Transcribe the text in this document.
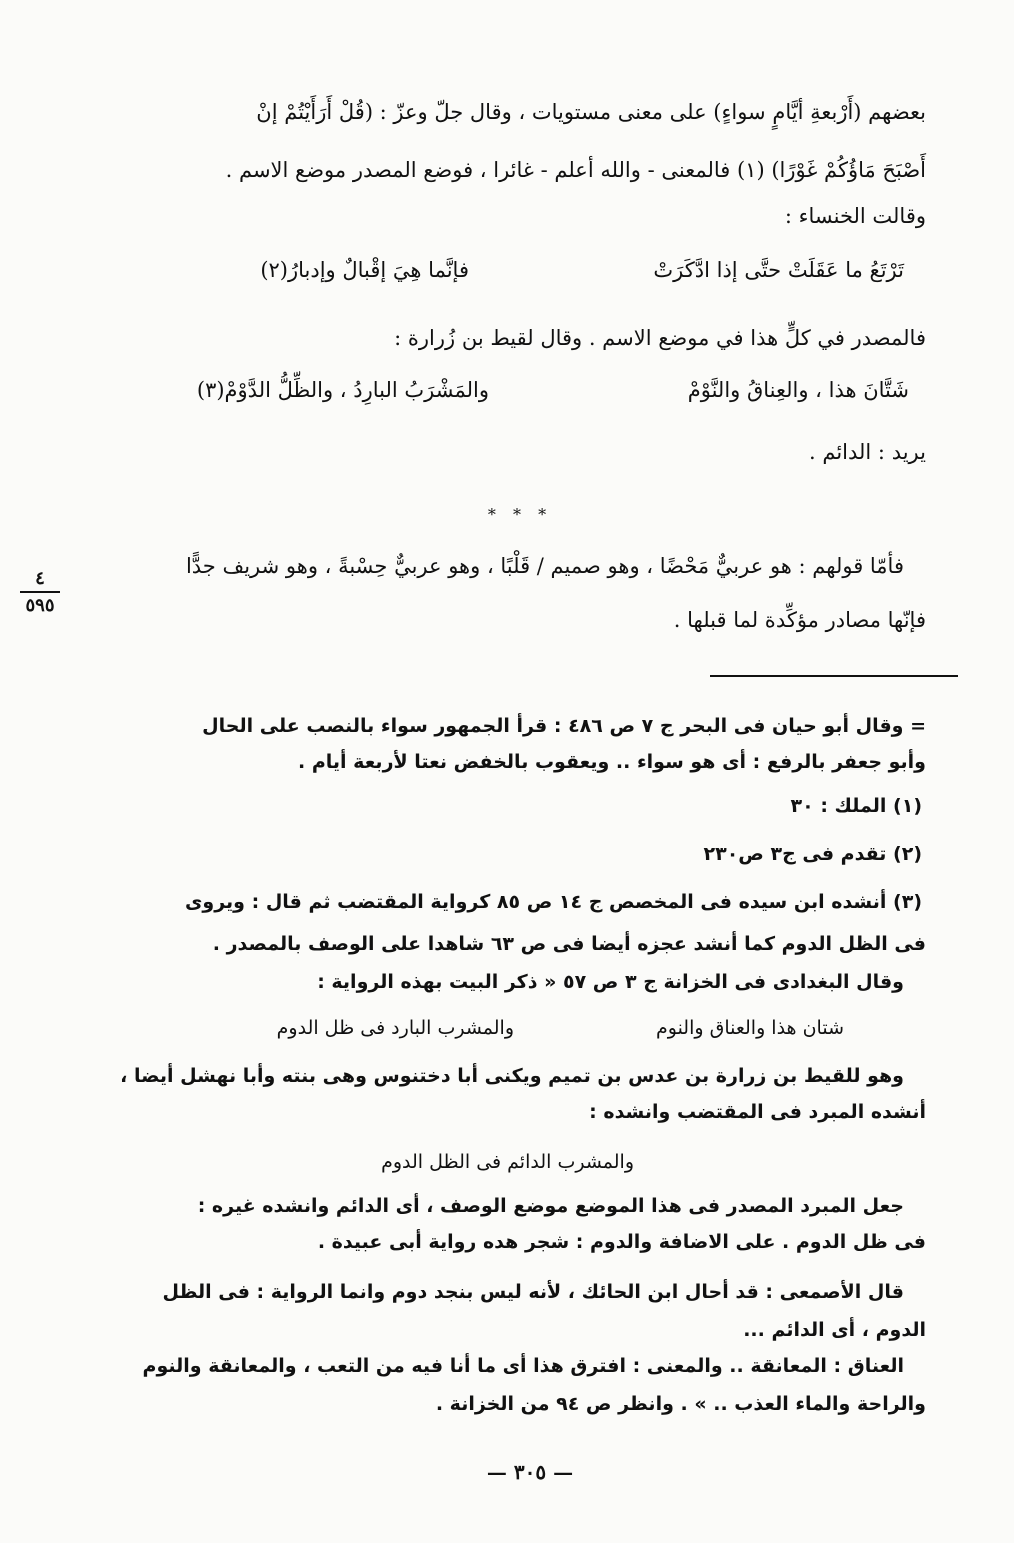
بعضهم (أَرْبعةِ أيَّامٍ سواءٍ) على معنى مستويات ، وقال جلّ وعزّ : (قُلْ أَرَأَيْتُمْ إنْ
أَصْبَحَ مَاؤُكُمْ غَوْرًا) (١) فالمعنى - والله أعلم - غائرا ، فوضع المصدر موضع الاسم .
وقالت الخنساء :
تَرْتَعُ ما عَقَلَتْ حتَّى إذا ادَّكَرَتْ
فإنَّما هِيَ إقْبالٌ وإدبارُ(٢)
فالمصدر في كلٍّ هذا في موضع الاسم . وقال لقيط بن زُرارة :
شَتَّانَ هذا ، والعِناقُ والنَّوْمْ
والمَشْرَبُ البارِدُ ، والظِّلُّ الدَّوْمْ(٣)
يريد : الدائم .
* * *
فأمّا قولهم : هو عربيٌّ مَحْضًا ، وهو صميم / قَلْبًا ، وهو عربيٌّ حِسْبةً ، وهو شريف جدًّا
فإنّها مصادر مؤكِّدة لما قبلها .
٤
٥٩٥
= وقال أبو حيان فى البحر ج ٧ ص ٤٨٦ : قرأ الجمهور سواء بالنصب على الحال
وأبو جعفر بالرفع : أى هو سواء .. ويعقوب بالخفض نعتا لأربعة أيام .
(١) الملك : ٣٠
(٢) تقدم فى ج٣ ص٢٣٠
(٣) أنشده ابن سيده فى المخصص ج ١٤ ص ٨٥ كرواية المقتضب ثم قال : ويروى
فى الظل الدوم كما أنشد عجزه أيضا فى ص ٦٣ شاهدا على الوصف بالمصدر .
وقال البغدادى فى الخزانة ج ٣ ص ٥٧ « ذكر البيت بهذه الرواية :
شتان هذا والعناق والنوم
والمشرب البارد فى ظل الدوم
وهو للقيط بن زرارة بن عدس بن تميم ويكنى أبا دختنوس وهى بنته وأبا نهشل أيضا ،
أنشده المبرد فى المقتضب وانشده :
والمشرب الدائم فى الظل الدوم
جعل المبرد المصدر فى هذا الموضع موضع الوصف ، أى الدائم وانشده غيره :
فى ظل الدوم . على الاضافة والدوم : شجر هده رواية أبى عبيدة .
قال الأصمعى : قد أحال ابن الحائك ، لأنه ليس بنجد دوم وانما الرواية : فى الظل
الدوم ، أى الدائم ...
العناق : المعانقة .. والمعنى : افترق هذا أى ما أنا فيه من التعب ، والمعانقة والنوم
والراحة والماء العذب .. » . وانظر ص ٩٤ من الخزانة .
— ٣٠٥ —
